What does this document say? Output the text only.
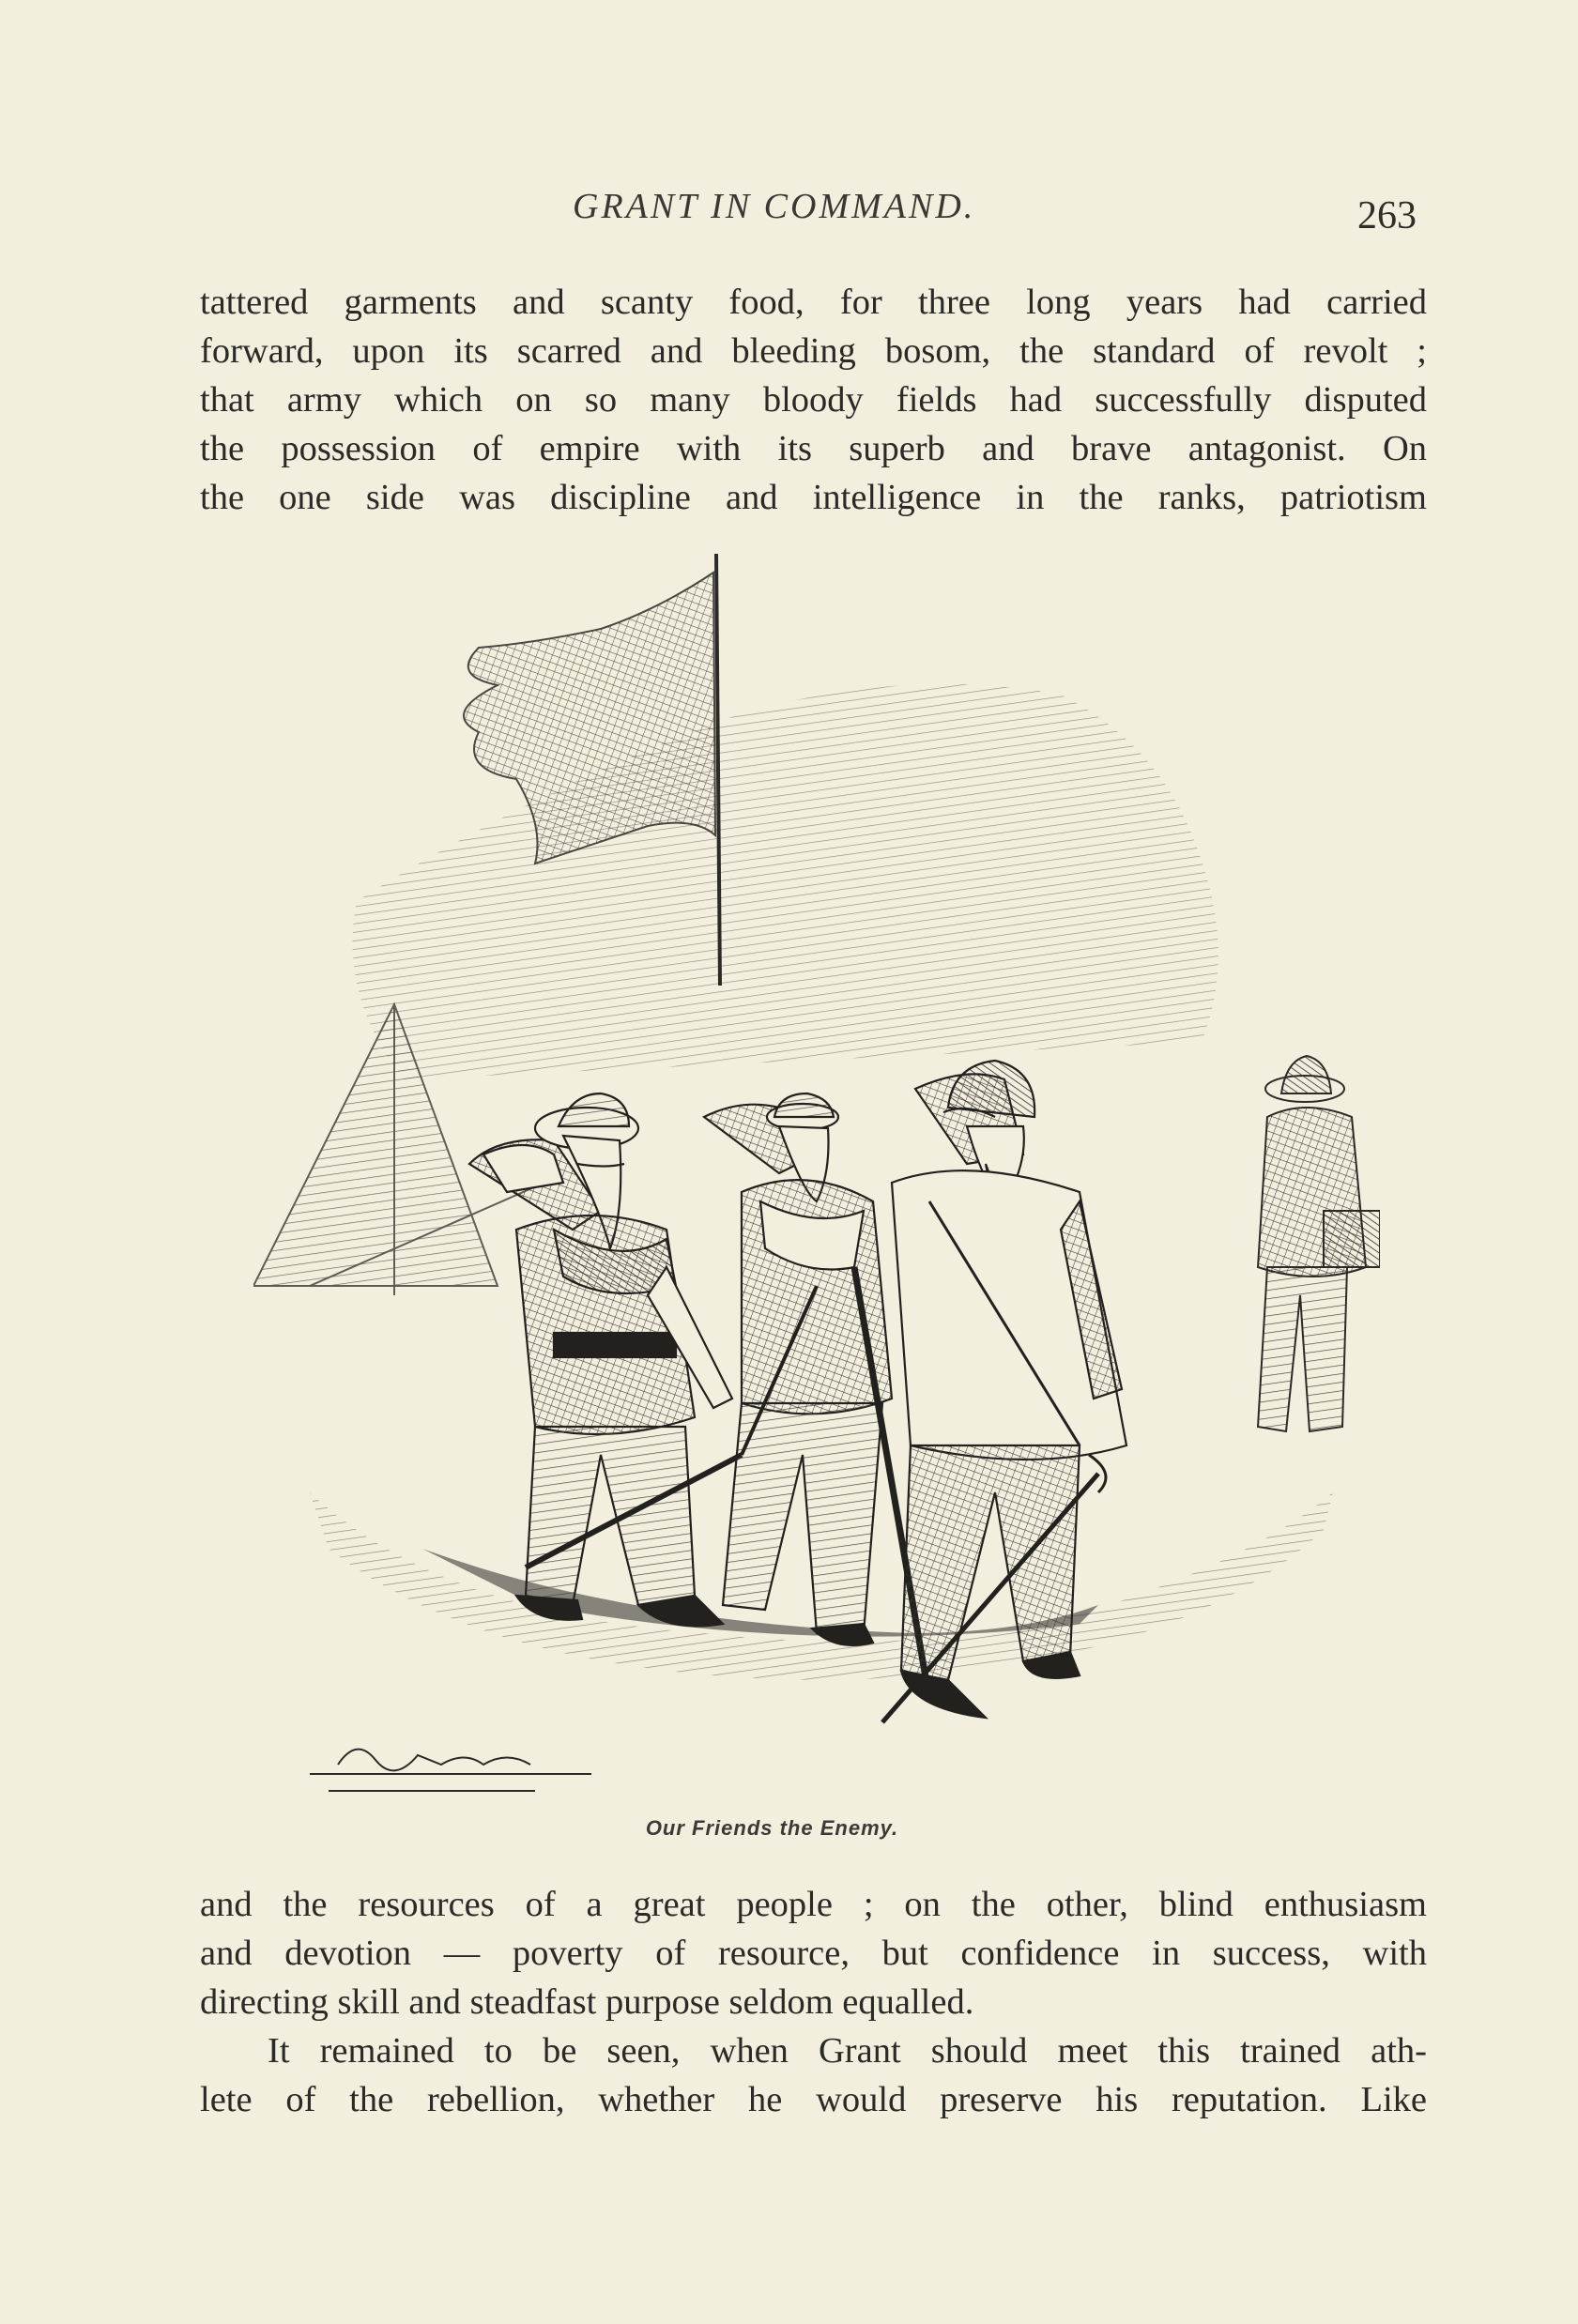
GRANT IN COMMAND.	263
tattered garments and scanty food, for three long years had carried
forward, upon its scarred and bleeding bosom, the standard of revolt ;
that army which on so many bloody fields had successfully disputed
the possession of empire with its superb and brave antagonist. On
the one side was discipline and intelligence in the ranks, patriotism
Our Friends the Enemy.
and the resources of a great people ; on the other, blind enthusiasm
and devotion — poverty of resource, but confidence in success, with
directing skill and steadfast purpose seldom equalled.
It remained to be seen, when Grant should meet this trained ath-
lete of the rebellion, whether he would preserve his reputation. Like
